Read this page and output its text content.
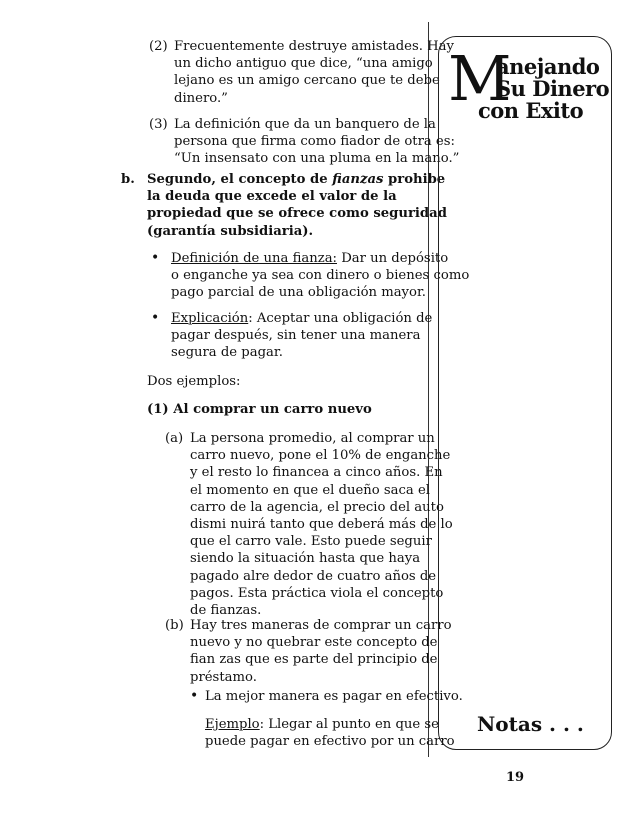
(2) Frecuentemente destruye amistades. Hay
un dicho antiguo que dice, “una amigo
lejano es un amigo cercano que te debe
dinero.”
(3) La definición que da un banquero de la
persona que firma como fiador de otra es:
“Un insensato con una pluma en la mano.”
b. Segundo, el concepto de fianzas prohibe
la deuda que excede el valor de la
propiedad que se ofrece como seguridad
(garantía subsidiaria).
• Definición de una fianza: Dar un depósito
o enganche ya sea con dinero o bienes como
pago parcial de una obligación mayor.
• Explicación: Aceptar una obligación de
pagar después, sin tener una manera
segura de pagar.
Dos ejemplos:
(1) Al comprar un carro nuevo
(a) La persona promedio, al comprar un
carro nuevo, pone el 10% de enganche
y el resto lo financea a cinco años. En
el momento en que el dueño saca el
carro de la agencia, el precio del auto
dismi nuirá tanto que deberá más de lo
que el carro vale. Esto puede seguir
siendo la situación hasta que haya
pagado alre dedor de cuatro años de
pagos. Esta práctica viola el concepto
de fianzas.
(b) Hay tres maneras de comprar un carro
nuevo y no quebrar este concepto de
fian zas que es parte del principio de
préstamo.
• La mejor manera es pagar en efectivo.
Ejemplo: Llegar al punto en que se
puede pagar en efectivo por un carro
M
anejando
Su Dinero
con Exito
Notas . . .
19
